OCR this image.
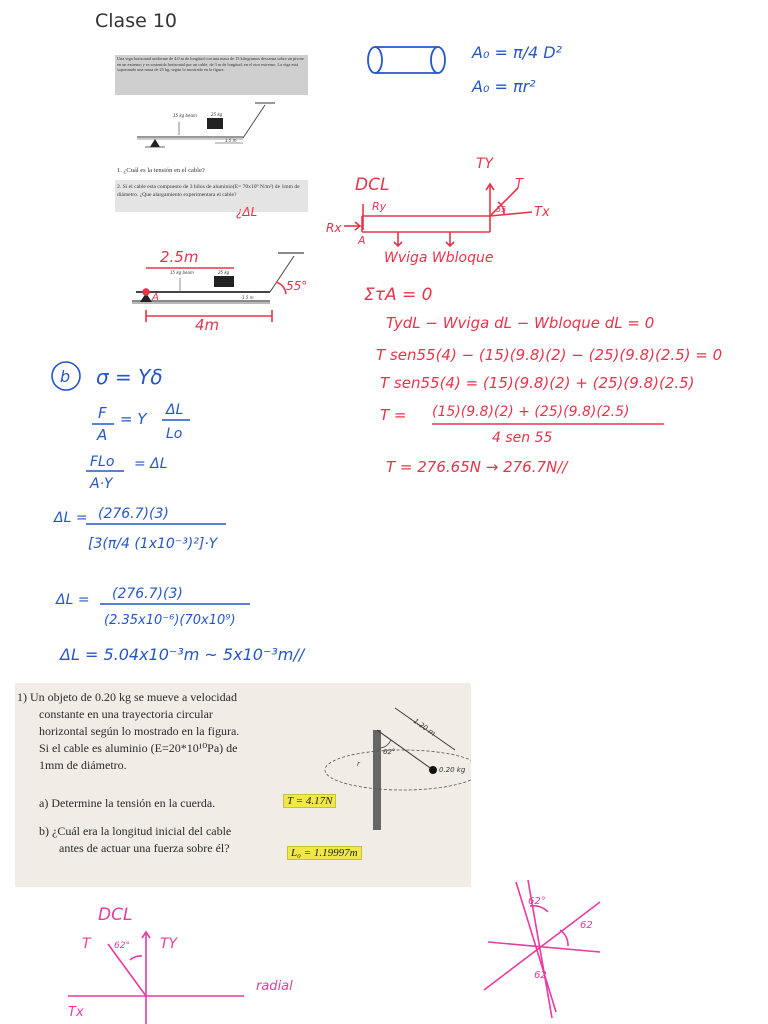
Clase 10
Una viga horizontal uniforme de 4.0 m de longitud con una masa de 15 kilogramos descansa sobre un pivote en un extremo y es sostenida horizontal por un cable, de 3 m de longitud, en el otro extremo. La viga está soportando una masa de 25 kg, según lo mostrado en la figura.
15 kg beam	25 kg
1.5 m
1. ¿Cuál es la tensión en el cable?
2. Si el cable esta compuesto de 3 hilos de aluminio(E= 70x10⁹ N/m²) de 1mm de diámetro. ¿Que alargamiento experimentara el cable?
15 kg beam	25 kg
1.5 m
1) Un objeto de 0.20 kg se mueve a velocidad
constante en una trayectoria circular
horizontal según lo mostrado en la figura.
Si el cable es aluminio (E=20*10¹⁰Pa) de
1mm de diámetro.
a) Determine la tensión en la cuerda.	T = 4.17N
b) ¿Cuál era la longitud inicial del cable
antes de actuar una fuerza sobre él?	L₀ = 1.19997m
1.20 m
62°
0.20 kg
r
A₀ = π/4 D²
A₀ = πr²
¿ΔL
DCL
TY
T
Tx
55
Ry
Rx
A
Wviga Wbloque
2.5m
4m
55°
A	ΣτA = 0
TydL − Wviga dL − Wbloque dL = 0
T sen55(4) − (15)(9.8)(2) − (25)(9.8)(2.5) = 0
T sen55(4) = (15)(9.8)(2) + (25)(9.8)(2.5)
T = (15)(9.8)(2) + (25)(9.8)(2.5)
4 sen 55
T = 276.65N → 276.7N//
b σ = Yδ
F
A
= Y ΔL
Lo
FLo
A·Y
= ΔL
ΔL = (276.7)(3)
[3(π/4 (1x10⁻³)²]·Y
ΔL = (276.7)(3)
(2.35x10⁻⁶)(70x10⁹)
ΔL = 5.04x10⁻³m ~ 5x10⁻³m//
DCL
T	TY
62°
Tx
radial
62°
62
62
